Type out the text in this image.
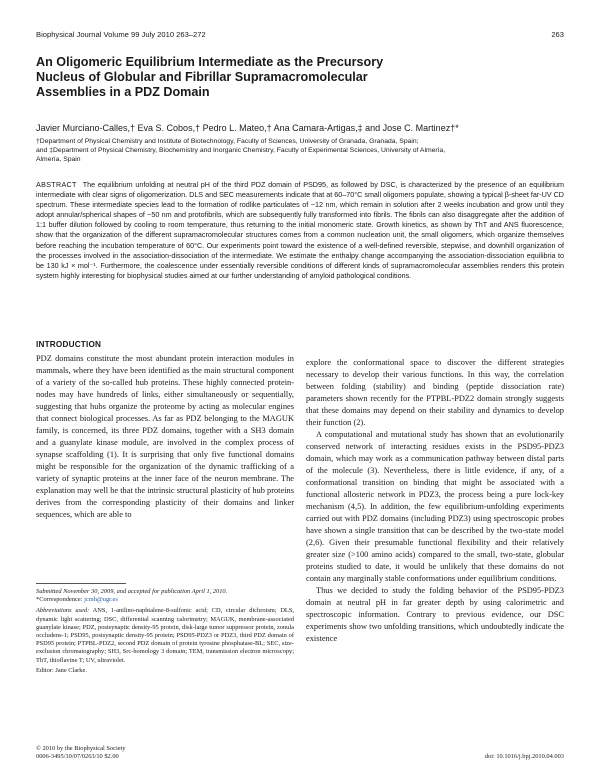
Biophysical Journal Volume 99 July 2010 263–272	263
An Oligomeric Equilibrium Intermediate as the Precursory
Nucleus of Globular and Fibrillar Supramacromolecular
Assemblies in a PDZ Domain
Javier Murciano-Calles,† Eva S. Cobos,† Pedro L. Mateo,† Ana Camara-Artigas,‡ and Jose C. Martinez†*
†Department of Physical Chemistry and Institute of Biotechnology, Faculty of Sciences, University of Granada, Granada, Spain;
and ‡Department of Physical Chemistry, Biochemistry and Inorganic Chemistry, Faculty of Experimental Sciences, University of Almería,
Almería, Spain
ABSTRACT The equilibrium unfolding at neutral pH of the third PDZ domain of PSD95, as followed by DSC, is characterized by the presence of an equilibrium intermediate with clear signs of oligomerization. DLS and SEC measurements indicate that at 60–70°C small oligomers populate, showing a typical β-sheet far-UV CD spectrum. These intermediate species lead to the formation of rodlike particulates of ~12 nm, which remain in solution after 2 weeks incubation and grow until they adopt annular/spherical shapes of ~50 nm and protofibrils, which are subsequently fully transformed into fibrils. The fibrils can also disaggregate after the addition of 1:1 buffer dilution followed by cooling to room temperature, thus returning to the initial monomeric state. Growth kinetics, as shown by ThT and ANS fluorescence, show that the organization of the different supramacromolecular structures comes from a common nucleation unit, the small oligomers, which organize themselves before reaching the incubation temperature of 60°C. Our experiments point toward the existence of a well-defined reversible, stepwise, and downhill organization of the processes involved in the association-dissociation of the intermediate. We estimate the enthalpy change accompanying the association-dissociation equilibria to be 130 kJ × mol⁻¹. Furthermore, the coalescence under essentially reversible conditions of different kinds of supramacromolecular assemblies renders this protein system highly interesting for biophysical studies aimed at our further understanding of amyloid pathological conditions.
INTRODUCTION

PDZ domains constitute the most abundant protein interaction modules in mammals, where they have been identified as the main structural component of a variety of the so-called hub proteins. These highly connected protein-nodes may have hundreds of links, either simultaneously or sequentially, suggesting that hubs organize the proteome by acting as molecular engines that connect biological processes. As far as PDZ belonging to the MAGUK family, is concerned, its three PDZ domains, together with a SH3 domain and a guanylate kinase module, are involved in the complex process of synapse scaffolding (1). It is surprising that only five functional domains might be responsible for the organization of the dynamic trafficking of a variety of synaptic proteins at the inner face of the neuron membrane. The explanation may well be that the intrinsic structural plasticity of hub proteins derives from the corresponding plasticity of their domains and linker sequences, which are able to

explore the conformational space to discover the different strategies necessary to develop their various functions. In this way, the correlation between folding (stability) and binding (peptide dissociation rate) parameters shown recently for the PTPBL-PDZ2 domain strongly suggests that these domains may depend on their stability and dynamics to develop their function (2).

A computational and mutational study has shown that an evolutionarily conserved network of interacting residues exists in the PSD95-PDZ3 domain, which may work as a communication pathway between distal parts of the molecule (3). Nevertheless, there is little evidence, if any, of a conformational transition on binding that might be associated with a functional allosteric network in PDZ3, the process being a pure lock-key mechanism (4,5). In addition, the few equilibrium-unfolding experiments carried out with PDZ domains (including PDZ3) using spectroscopic probes have shown a single transition that can be described by the two-state model (2,6). Given their presumable functional flexibility and their relatively greater size (>100 amino acids) compared to the small, two-state, globular proteins studied to date, it would be unlikely that these domains do not contain any marginally stable conformations under equilibrium conditions.

Thus we decided to study the folding behavior of the PSD95-PDZ3 domain at neutral pH in far greater depth by using calorimetric and spectroscopic information. Contrary to previous evidence, our DSC experiments show two unfolding transitions, which undoubtedly indicate the existence

Submitted November 30, 2009, and accepted for publication April 1, 2010.
*Correspondence: jcmh@ugr.es
Abbreviations used: ANS, 1-anilino-naphtalene-8-sulfonic acid; CD, circular dichroism; DLS, dynamic light scattering; DSC, differential scanning calorimetry; MAGUK, membrane-associated guanylate kinase; PDZ, postsynaptic density-95 protein, disk-large tumor suppressor protein, zonula occludens-1; PSD95, postsynaptic density-95 protein; PSD95-PDZ3 or PDZ3, third PDZ domain of PSD95 protein; PTPBL-PDZ2, second PDZ domain of protein tyrosine phosphatase-BL; SEC, size-exclusion chromatography; SH3, Src-homology 3 domain; TEM, transmission electron microscopy; ThT, thioflavine T; UV, ultraviolet.
Editor: Jane Clarke.
© 2010 by the Biophysical Society
0006-3495/10/07/0263/10 $2.00	doi: 10.1016/j.bpj.2010.04.003
